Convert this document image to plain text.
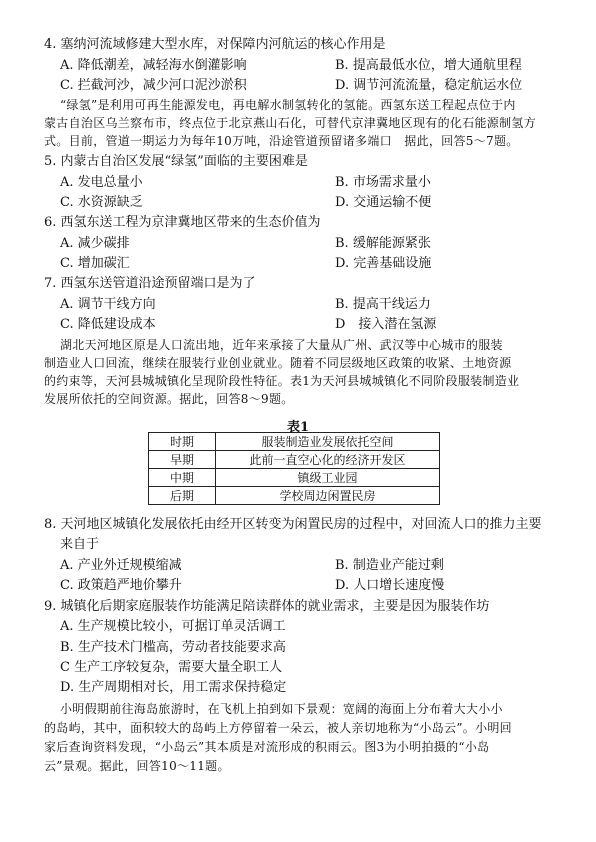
4. 塞纳河流域修建大型水库，对保障内河航运的核心作用是
A. 降低潮差，减轻海水倒灌影响	B. 提高最低水位，增大通航里程
C. 拦截河沙，减少河口泥沙淤积	D. 调节河流流量，稳定航运水位
“绿氢”是利用可再生能源发电，再电解水制氢转化的氢能。西氢东送工程起点位于内
蒙古自治区乌兰察布市，终点位于北京燕山石化，可替代京津冀地区现有的化石能源制氢方
式。目前，管道一期运力为每年10万吨，沿途管道预留诸多端口　据此，回答5～7题。
5. 内蒙古自治区发展“绿氢”面临的主要困难是
A. 发电总量小	B. 市场需求量小
C. 水资源缺乏	D. 交通运输不便
6. 西氢东送工程为京津冀地区带来的生态价值为
A. 减少碳排	B. 缓解能源紧张
C. 增加碳汇	D. 完善基础设施
7. 西氢东送管道沿途预留端口是为了
A. 调节干线方向	B. 提高干线运力
C. 降低建设成本	D　接入潜在氢源
湖北天河地区原是人口流出地，近年来承接了大量从广州、武汉等中心城市的服装
制造业人口回流，继续在服装行业创业就业。随着不同层级地区政策的收紧、土地资源
的约束等，天河县城城镇化呈现阶段性特征。表1为天河县城城镇化不同阶段服装制造业
发展所依托的空间资源。据此，回答8～9题。
表1
时期	服装制造业发展依托空间
早期	此前一直空心化的经济开发区
中期	镇级工业园
后期	学校周边闲置民房
8. 天河地区城镇化发展依托由经开区转变为闲置民房的过程中，对回流人口的推力主要
来自于
A. 产业外迁规模缩减	B. 制造业产能过剩
C. 政策趋严地价攀升	D. 人口增长速度慢
9. 城镇化后期家庭服装作坊能满足陪读群体的就业需求，主要是因为服装作坊
A. 生产规模比较小，可据订单灵活调工
B. 生产技术门槛高，劳动者技能要求高
C 生产工序较复杂，需要大量全职工人
D. 生产周期相对长，用工需求保持稳定
小明假期前往海岛旅游时，在飞机上拍到如下景观：宽阔的海面上分布着大大小小
的岛屿，其中，面积较大的岛屿上方停留着一朵云，被人亲切地称为“小岛云”。小明回
家后查询资料发现，“小岛云”其本质是对流形成的积雨云。图3为小明拍摄的“小岛
云”景观。据此，回答10～11题。
